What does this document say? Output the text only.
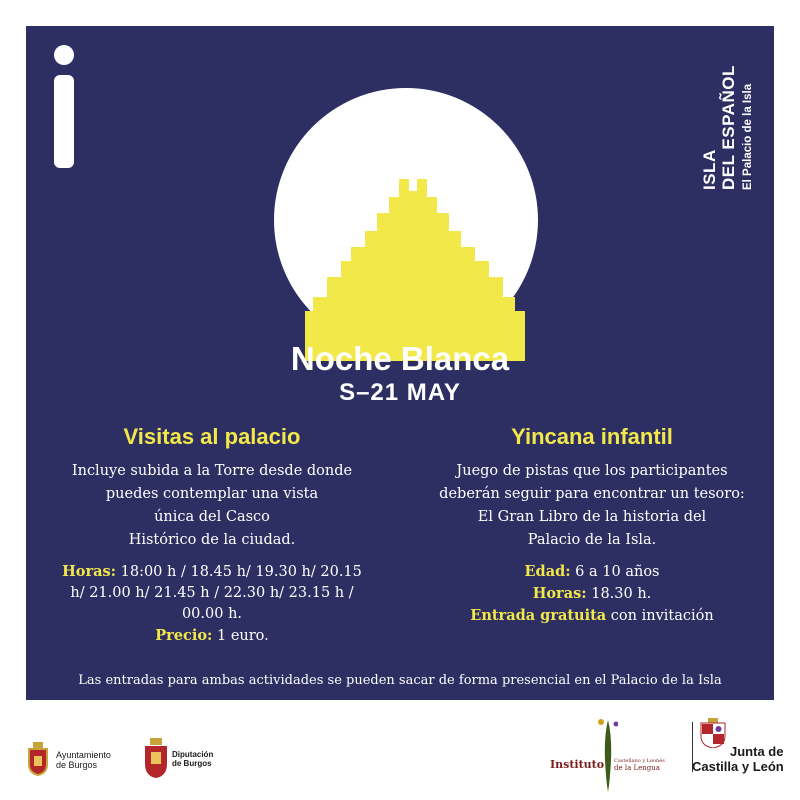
ISLA DEL ESPAÑOL El Palacio de la Isla
Noche Blanca
S–21 MAY
Visitas al palacio
Incluye subida a la Torre desde donde
puedes contemplar una vista
única del Casco
Histórico de la ciudad.
Horas: 18:00 h / 18.45 h/ 19.30 h/ 20.15
h/ 21.00 h/ 21.45 h / 22.30 h/ 23.15 h /
00.00 h.
Precio: 1 euro.
Yincana infantil
Juego de pistas que los participantes
deberán seguir para encontrar un tesoro:
El Gran Libro de la historia del
Palacio de la Isla.
Edad: 6 a 10 años
Horas: 18.30 h.
Entrada gratuita con invitación
Las entradas para ambas actividades se pueden sacar de forma presencial en el Palacio de la Isla
Ayuntamiento
de Burgos
Diputación
de Burgos	Instituto	Castellano y Leonés
de la Lengua
Junta de
Castilla y León
